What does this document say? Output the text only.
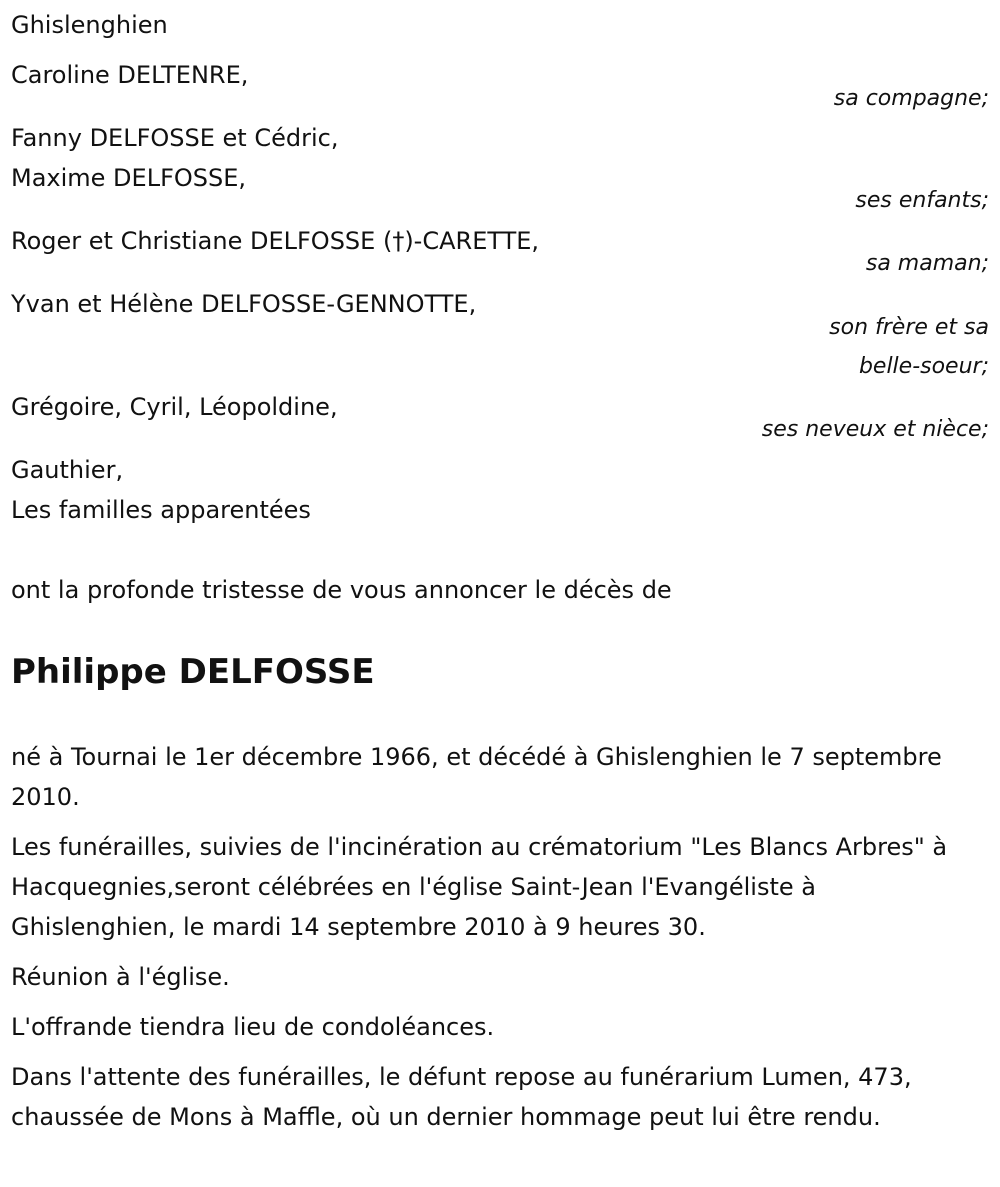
Ghislenghien
Caroline DELTENRE,
sa compagne;
Fanny DELFOSSE et Cédric,
Maxime DELFOSSE,
ses enfants;
Roger et Christiane DELFOSSE (†)-CARETTE,
sa maman;
Yvan et Hélène DELFOSSE-GENNOTTE,
son frère et sa
belle-soeur;
Grégoire, Cyril, Léopoldine,
ses neveux et nièce;
Gauthier,
Les familles apparentées
ont la profonde tristesse de vous annoncer le décès de
Philippe DELFOSSE
né à Tournai le 1er décembre 1966, et décédé à Ghislenghien le 7 septembre 2010.
Les funérailles, suivies de l'incinération au crématorium "Les Blancs Arbres" à Hacquegnies,seront célébrées en l'église Saint-Jean l'Evangéliste à Ghislenghien, le mardi 14 septembre 2010 à 9 heures 30.
Réunion à l'église.
L'offrande tiendra lieu de condoléances.
Dans l'attente des funérailles, le défunt repose au funérarium Lumen, 473, chaussée de Mons à Maffle, où un dernier hommage peut lui être rendu.
